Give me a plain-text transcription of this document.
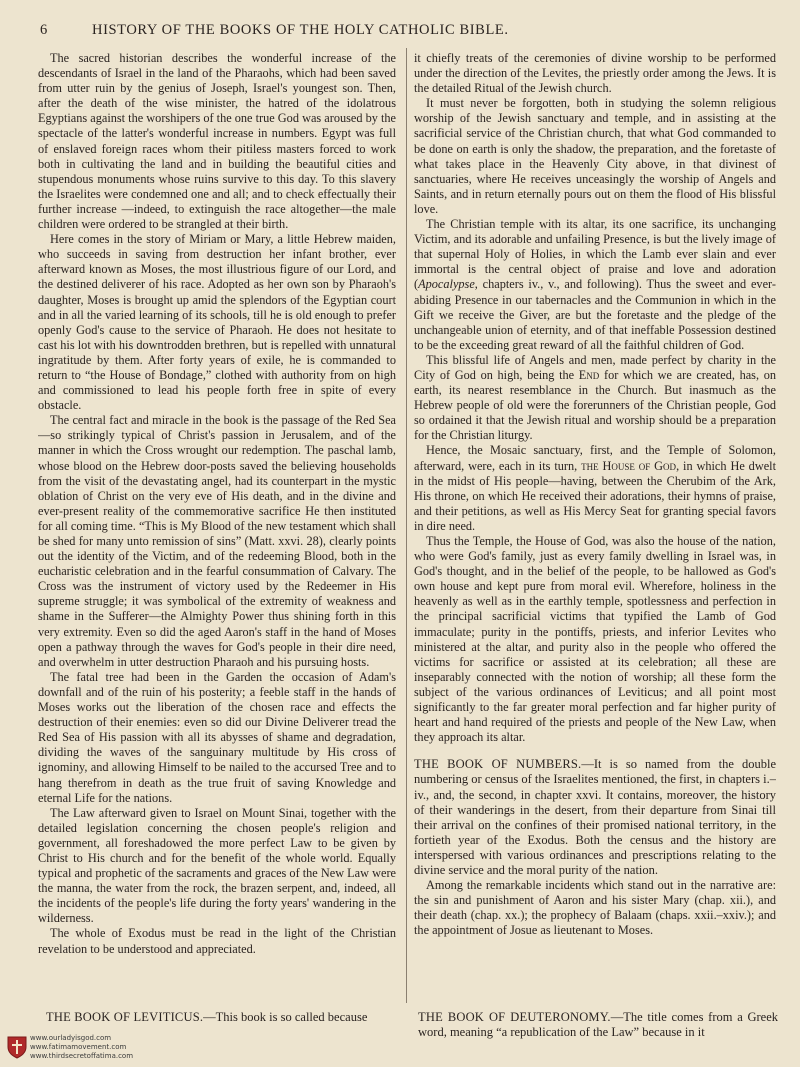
6	HISTORY OF THE BOOKS OF THE HOLY CATHOLIC BIBLE.

The sacred historian describes the wonderful increase of the descendants of Israel in the land of the Pharaohs, which had been saved from utter ruin by the genius of Joseph, Israel's youngest son. Then, after the death of the wise minister, the hatred of the idolatrous Egyptians against the worshipers of the one true God was aroused by the spectacle of the latter's wonderful increase in numbers. Egypt was full of enslaved foreign races whom their pitiless masters forced to work both in cultivating the land and in building the beautiful cities and stupendous monuments whose ruins survive to this day. To this slavery the Israelites were condemned one and all; and to check effectually their further increase —indeed, to extinguish the race altogether—the male children were ordered to be strangled at their birth.

Here comes in the story of Miriam or Mary, a little Hebrew maiden, who succeeds in saving from destruction her infant brother, ever afterward known as Moses, the most illustrious figure of our Lord, and the destined deliverer of his race. Adopted as her own son by Pharaoh's daughter, Moses is brought up amid the splendors of the Egyptian court and in all the varied learning of its schools, till he is old enough to prefer openly God's cause to the service of Pharaoh. He does not hesitate to cast his lot with his downtrodden brethren, but is repelled with unnatural ingratitude by them. After forty years of exile, he is commanded to return to “the House of Bondage,” clothed with authority from on high and commissioned to lead his people forth free in spite of every obstacle.

The central fact and miracle in the book is the passage of the Red Sea—so strikingly typical of Christ's passion in Jerusalem, and of the manner in which the Cross wrought our redemption. The paschal lamb, whose blood on the Hebrew door-posts saved the believing households from the visit of the devastating angel, had its counterpart in the mystic oblation of Christ on the very eve of His death, and in the divine and ever-present reality of the commemorative sacrifice He then instituted for all coming time. “This is My Blood of the new testament which shall be shed for many unto remission of sins” (Matt. xxvi. 28), clearly points out the identity of the Victim, and of the redeeming Blood, both in the eucharistic celebration and in the fearful consummation of Calvary. The Cross was the instrument of victory used by the Redeemer in His supreme struggle; it was symbolical of the extremity of weakness and shame in the Sufferer—the Almighty Power thus shining forth in this very extremity. Even so did the aged Aaron's staff in the hand of Moses open a pathway through the waves for God's people in their dire need, and overwhelm in utter destruction Pharaoh and his pursuing hosts.

The fatal tree had been in the Garden the occasion of Adam's downfall and of the ruin of his posterity; a feeble staff in the hands of Moses works out the liberation of the chosen race and effects the destruction of their enemies: even so did our Divine Deliverer tread the Red Sea of His passion with all its abysses of shame and degradation, dividing the waves of the sanguinary multitude by His cross of ignominy, and allowing Himself to be nailed to the accursed Tree and to hang therefrom in death as the true fruit of saving Knowledge and eternal Life for the nations.

The Law afterward given to Israel on Mount Sinai, together with the detailed legislation concerning the chosen people's religion and government, all foreshadowed the more perfect Law to be given by Christ to His church and for the benefit of the whole world. Equally typical and prophetic of the sacraments and graces of the New Law were the manna, the water from the rock, the brazen serpent, and, indeed, all the incidents of the people's life during the forty years' wandering in the wilderness.

The whole of Exodus must be read in the light of the Christian revelation to be understood and appreciated.

it chiefly treats of the ceremonies of divine worship to be performed under the direction of the Levites, the priestly order among the Jews. It is the detailed Ritual of the Jewish church.

It must never be forgotten, both in studying the solemn religious worship of the Jewish sanctuary and temple, and in assisting at the sacrificial service of the Christian church, that what God commanded to be done on earth is only the shadow, the preparation, and the foretaste of what takes place in the Heavenly City above, in that divinest of sanctuaries, where He receives unceasingly the worship of Angels and Saints, and in return eternally pours out on them the flood of His blissful love.

The Christian temple with its altar, its one sacrifice, its unchanging Victim, and its adorable and unfailing Presence, is but the lively image of that supernal Holy of Holies, in which the Lamb ever slain and ever immortal is the central object of praise and love and adoration (Apocalypse, chapters iv., v., and following). Thus the sweet and ever-abiding Presence in our tabernacles and the Communion in which in the Gift we receive the Giver, are but the foretaste and the pledge of the unchangeable union of eternity, and of that ineffable Possession destined to be the exceeding great reward of all the faithful children of God.

This blissful life of Angels and men, made perfect by charity in the City of God on high, being the End for which we are created, has, on earth, its nearest resemblance in the Church. But inasmuch as the Hebrew people of old were the forerunners of the Christian people, God so ordained it that the Jewish ritual and worship should be a preparation for the Christian liturgy.

Hence, the Mosaic sanctuary, first, and the Temple of Solomon, afterward, were, each in its turn, the House of God, in which He dwelt in the midst of His people—having, between the Cherubim of the Ark, His throne, on which He received their adorations, their hymns of praise, and their petitions, as well as His Mercy Seat for granting special favors in dire need.

Thus the Temple, the House of God, was also the house of the nation, who were God's family, just as every family dwelling in Israel was, in God's thought, and in the belief of the people, to be hallowed as God's own house and kept pure from moral evil. Wherefore, holiness in the heavenly as well as in the earthly temple, spotlessness and perfection in the principal sacrificial victims that typified the Lamb of God immaculate; purity in the pontiffs, priests, and inferior Levites who ministered at the altar, and purity also in the people who offered the victims for sacrifice or assisted at its celebration; all these are inseparably connected with the notion of worship; all these form the subject of the various ordinances of Leviticus; and all point most significantly to the far greater moral perfection and far higher purity of heart and hand required of the priests and people of the New Law, when they approach its altar.

THE BOOK OF NUMBERS.—It is so named from the double numbering or census of the Israelites mentioned, the first, in chapters i.–iv., and, the second, in chapter xxvi. It contains, moreover, the history of their wanderings in the desert, from their departure from Sinai till their arrival on the confines of their promised national territory, in the fortieth year of the Exodus. Both the census and the history are interspersed with various ordinances and prescriptions relating to the divine service and the moral purity of the nation.

Among the remarkable incidents which stand out in the narrative are: the sin and punishment of Aaron and his sister Mary (chap. xii.), and their death (chap. xx.); the prophecy of Balaam (chaps. xxii.–xxiv.); and the appointment of Josue as lieutenant to Moses.

THE BOOK OF LEVITICUS.—This book is so called because	THE BOOK OF DEUTERONOMY.—The title comes from a Greek word, meaning “a republication of the Law” because in it
www.ourladyisgod.com
www.fatimamovement.com
www.thirdsecretoffatima.com
